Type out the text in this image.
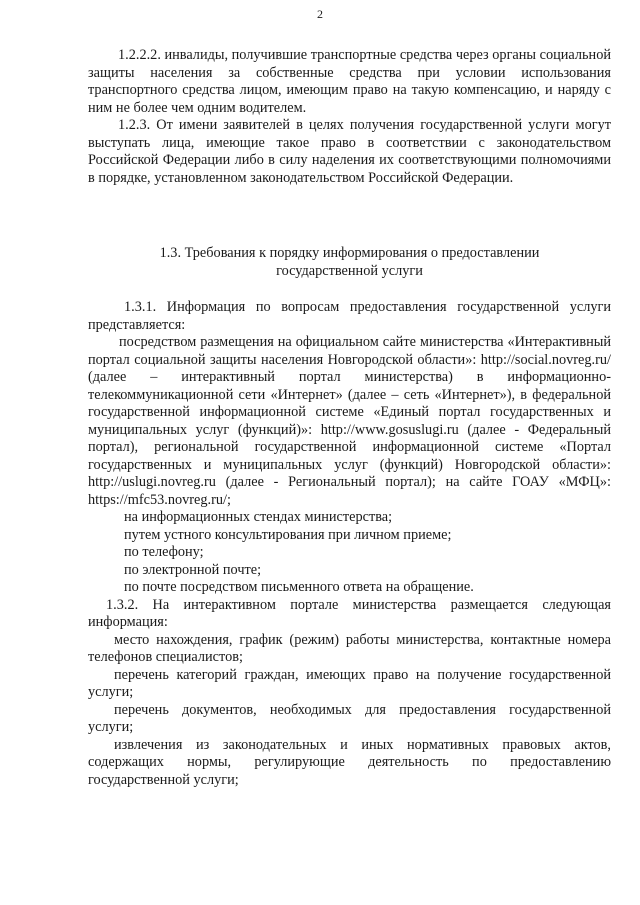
2

1.2.2.2. инвалиды, получившие транспортные средства через органы социальной защиты населения за собственные средства при условии использования транспортного средства лицом, имеющим право на такую компенсацию, и наряду с ним не более чем одним водителем.

1.2.3. От имени заявителей в целях получения государственной услуги могут выступать лица, имеющие такое право в соответствии с законодательством Российской Федерации либо в силу наделения их соответствующими полномочиями в порядке, установленном законодательством Российской Федерации.

1.3. Требования к порядку информирования о предоставлении
государственной услуги

1.3.1. Информация по вопросам предоставления государственной услуги представляется:

посредством размещения на официальном сайте министерства «Интерактивный портал социальной защиты населения Новгородской области»: http://social.novreg.ru/ (далее – интерактивный портал министерства) в информационно-телекоммуникационной сети «Интернет» (далее – сеть «Интернет»), в федеральной государственной информационной системе «Единый портал государственных и муниципальных услуг (функций)»: http://www.gosuslugi.ru (далее - Федеральный портал), региональной государственной информационной системе «Портал государственных и муниципальных услуг (функций) Новгородской области»: http://uslugi.novreg.ru (далее - Региональный портал); на сайте ГОАУ «МФЦ»: https://mfc53.novreg.ru/;

на информационных стендах министерства;

путем устного консультирования при личном приеме;

по телефону;

по электронной почте;

по почте посредством письменного ответа на обращение.

1.3.2. На интерактивном портале министерства размещается следующая информация:

место нахождения, график (режим) работы министерства, контактные номера телефонов специалистов;

перечень категорий граждан, имеющих право на получение государственной услуги;

перечень документов, необходимых для предоставления государственной услуги;

извлечения из законодательных и иных нормативных правовых актов, содержащих нормы, регулирующие деятельность по предоставлению государственной услуги;
